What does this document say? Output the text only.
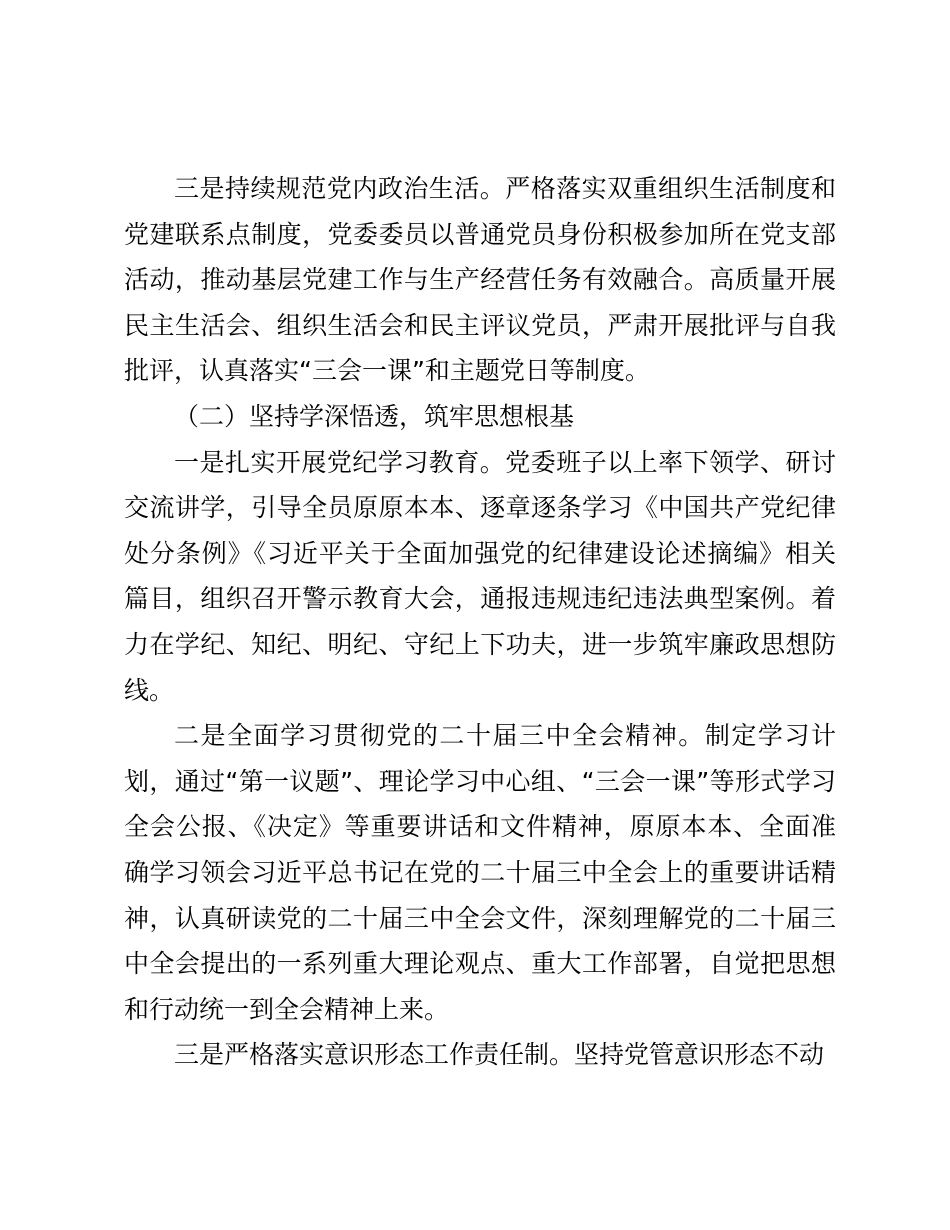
三是持续规范党内政治生活。严格落实双重组织生活制度和党建联系点制度，党委委员以普通党员身份积极参加所在党支部活动，推动基层党建工作与生产经营任务有效融合。高质量开展民主生活会、组织生活会和民主评议党员，严肃开展批评与自我批评，认真落实“三会一课”和主题党日等制度。

（二）坚持学深悟透，筑牢思想根基

一是扎实开展党纪学习教育。党委班子以上率下领学、研讨交流讲学，引导全员原原本本、逐章逐条学习《中国共产党纪律处分条例》《习近平关于全面加强党的纪律建设论述摘编》相关篇目，组织召开警示教育大会，通报违规违纪违法典型案例。着力在学纪、知纪、明纪、守纪上下功夫，进一步筑牢廉政思想防线。

二是全面学习贯彻党的二十届三中全会精神。制定学习计划，通过“第一议题”、理论学习中心组、“三会一课”等形式学习全会公报、《决定》等重要讲话和文件精神，原原本本、全面准确学习领会习近平总书记在党的二十届三中全会上的重要讲话精神，认真研读党的二十届三中全会文件，深刻理解党的二十届三中全会提出的一系列重大理论观点、重大工作部署，自觉把思想和行动统一到全会精神上来。

三是严格落实意识形态工作责任制。坚持党管意识形态不动
